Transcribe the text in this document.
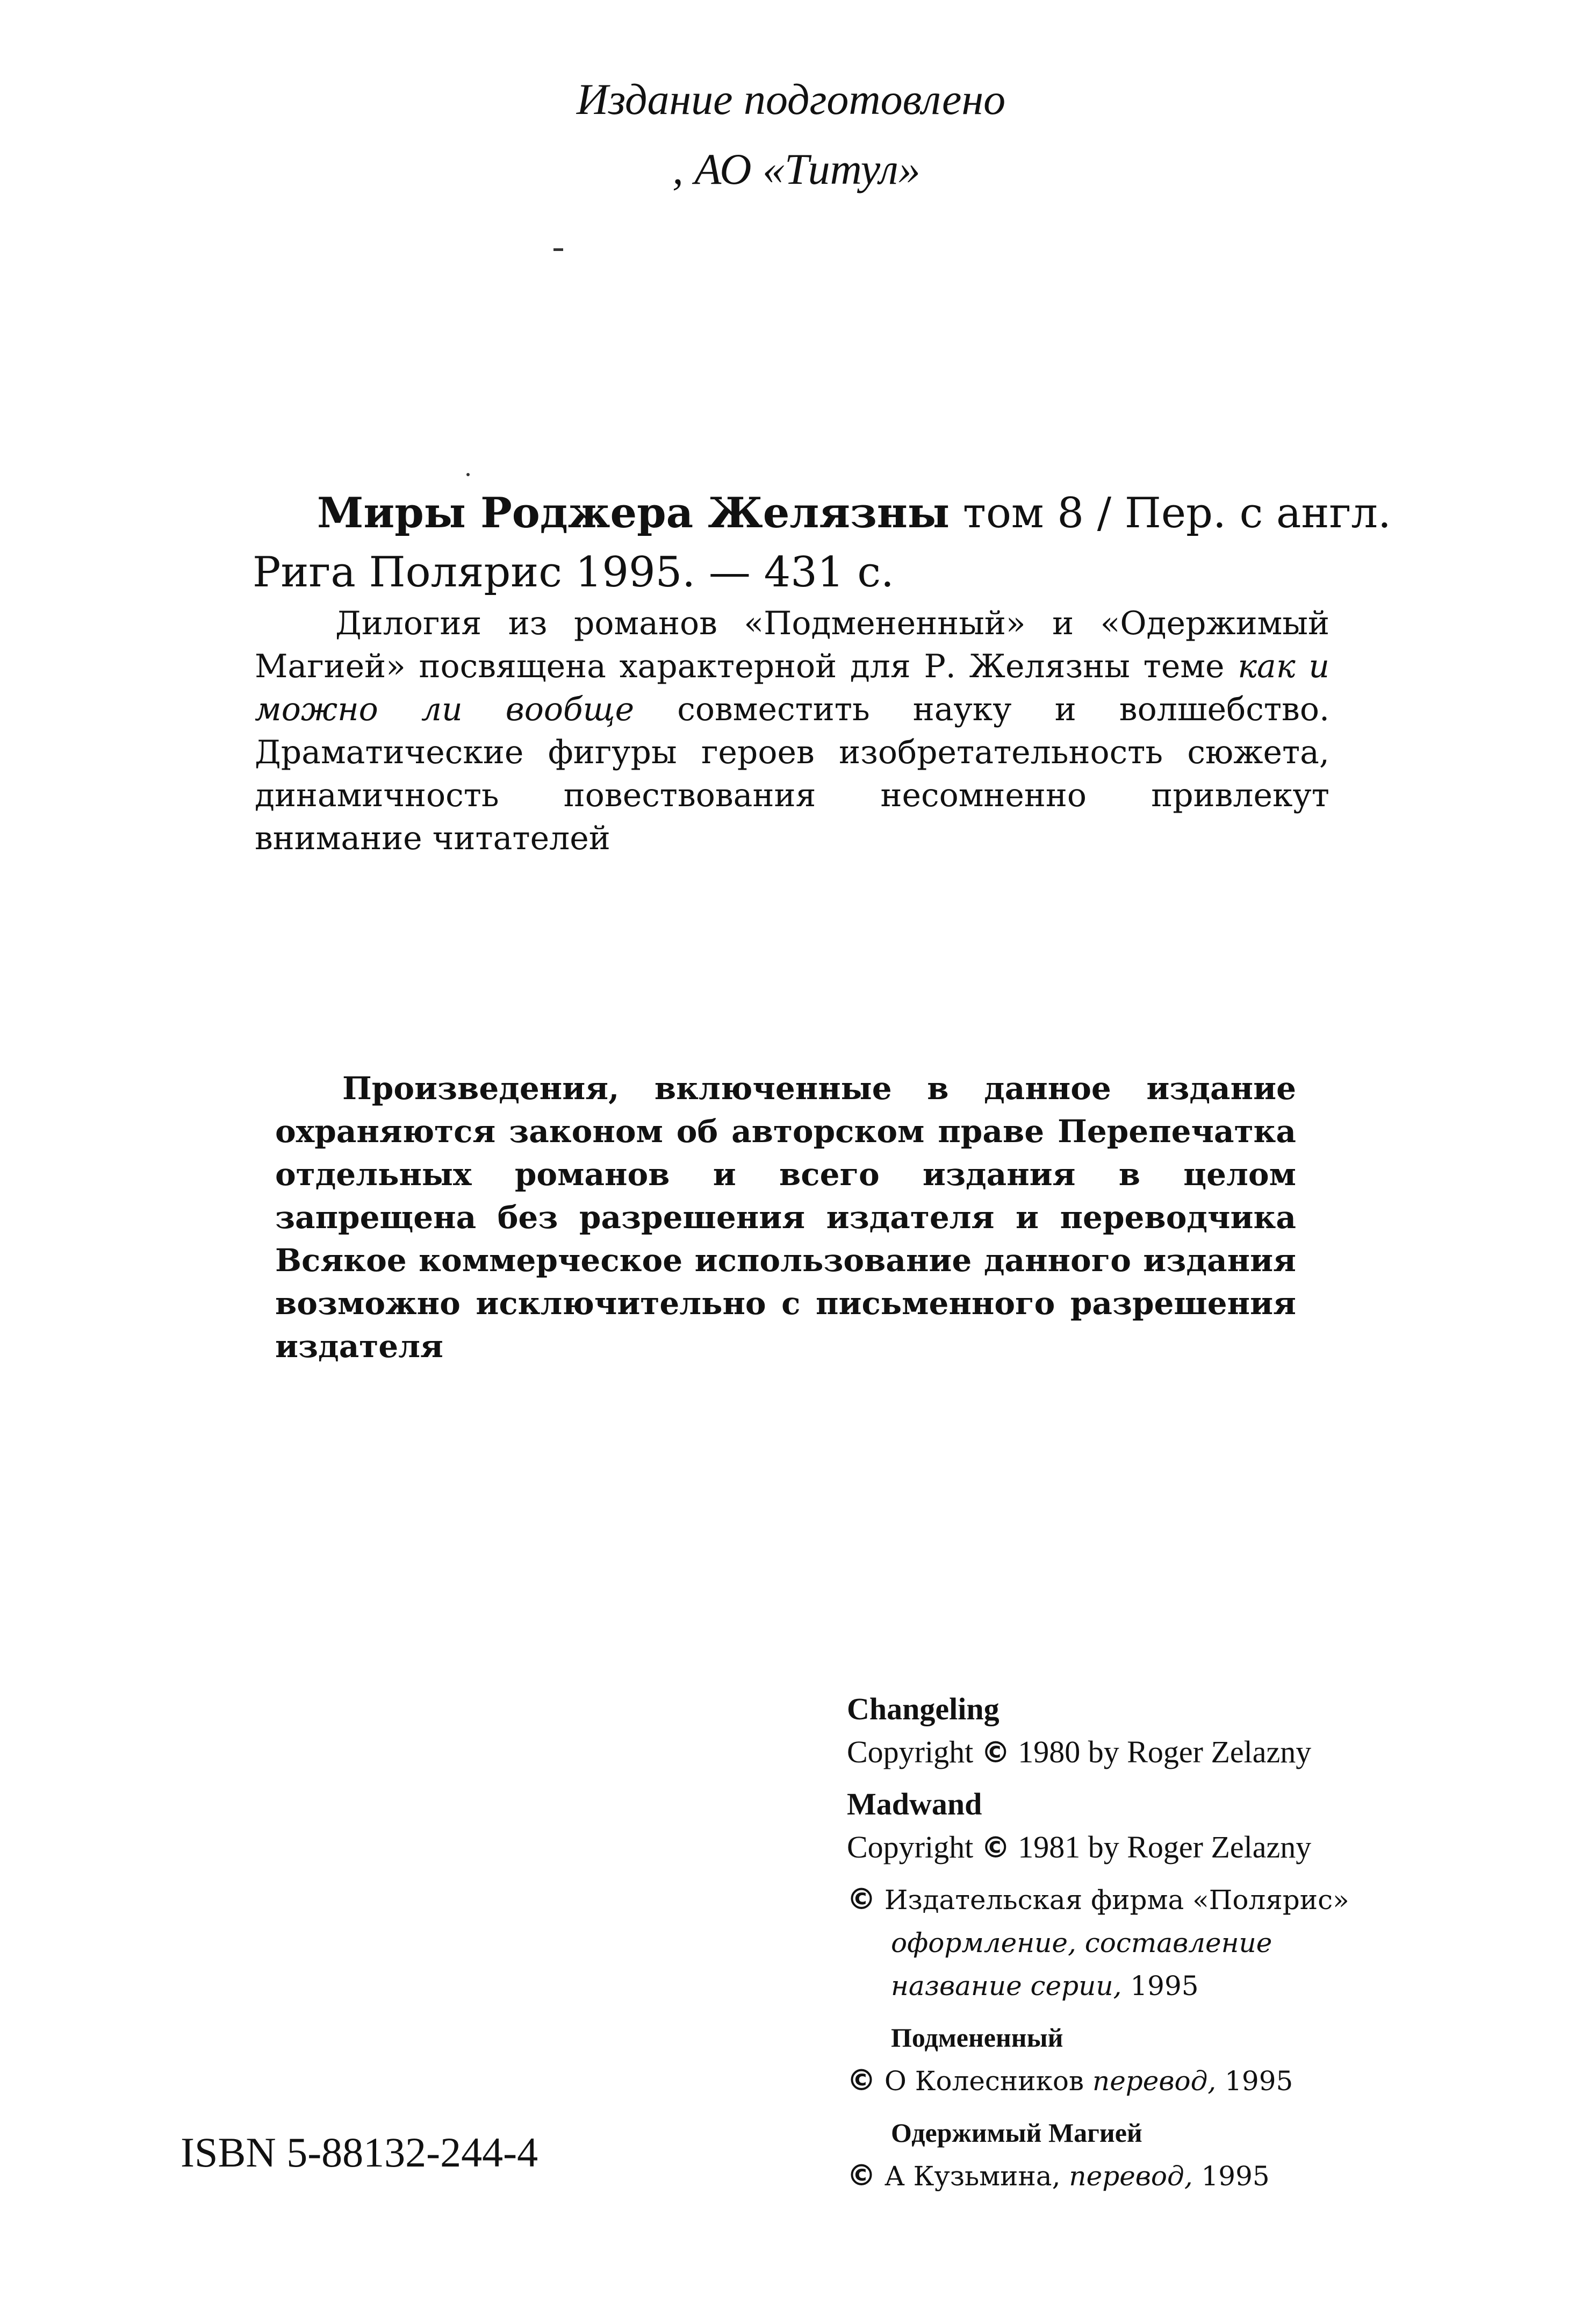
Издание подготовлено
, АО «Титул»
Миры Роджера Желязны том 8 / Пер. с англ.
Рига Полярис 1995. — 431 с.

Дилогия из романов «Подмененный» и «Одержимый Магией» посвящена характерной для Р. Желязны теме как и можно ли вообще совместить науку и волшебство. Драматические фигуры героев изобретательность сюжета, динамичность повествования несомненно привлекут внимание читателей

Произведения, включенные в данное издание охраняются законом об авторском праве Перепечатка отдельных романов и всего издания в целом запрещена без разрешения издателя и переводчика Всякое коммерческое использование данного издания возможно исключительно с письменного разрешения издателя

Changeling
Copyright © 1980 by Roger Zelazny
Madwand
Copyright © 1981 by Roger Zelazny
© Издательская фирма «Полярис»
оформление, составление
название серии, 1995
Подмененный
© О Колесников перевод, 1995
Одержимый Магией
© А Кузьмина, перевод, 1995
ISBN 5-88132-244-4
